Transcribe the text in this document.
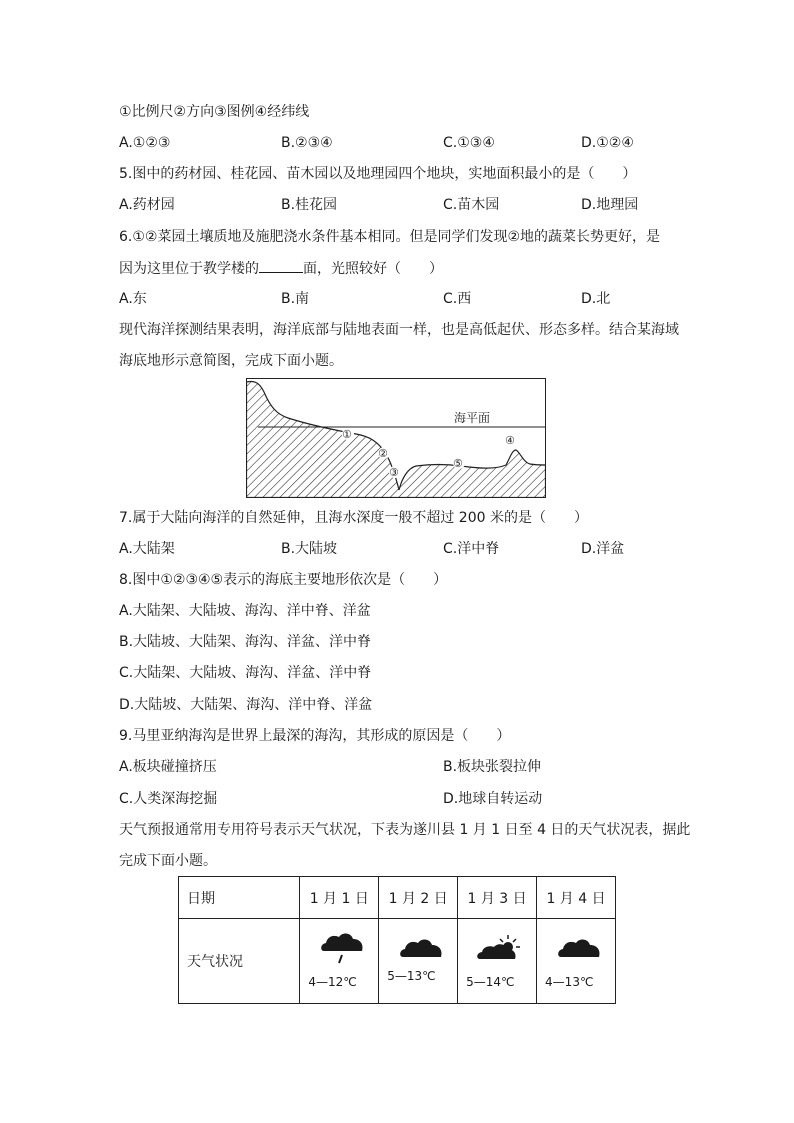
①比例尺②方向③图例④经纬线
A.①②③	B.②③④	C.①③④	D.①②④
5.图中的药材园、桂花园、苗木园以及地理园四个地块，实地面积最小的是（　　）
A.药材园	B.桂花园	C.苗木园	D.地理园
6.①②菜园土壤质地及施肥浇水条件基本相同。但是同学们发现②地的蔬菜长势更好，是
因为这里位于教学楼的	面，光照较好（　　）
A.东	B.南	C.西	D.北
现代海洋探测结果表明，海洋底部与陆地表面一样，也是高低起伏、形态多样。结合某海域
海底地形示意简图，完成下面小题。
海平面
①
②
③
④
⑤
7.属于大陆向海洋的自然延伸，且海水深度一般不超过 200 米的是（　　）
A.大陆架	B.大陆坡	C.洋中脊	D.洋盆
8.图中①②③④⑤表示的海底主要地形依次是（　　）
A.大陆架、大陆坡、海沟、洋中脊、洋盆
B.大陆坡、大陆架、海沟、洋盆、洋中脊
C.大陆架、大陆坡、海沟、洋盆、洋中脊
D.大陆坡、大陆架、海沟、洋中脊、洋盆
9.马里亚纳海沟是世界上最深的海沟，其形成的原因是（　　）
A.板块碰撞挤压	B.板块张裂拉伸
C.人类深海挖掘	D.地球自转运动
天气预报通常用专用符号表示天气状况，下表为遂川县 1 月 1 日至 4 日的天气状况表，据此
完成下面小题。
日期	1 月 1 日	1 月 2 日	1 月 3 日	1 月 4 日
天气状况	4—12℃	5—13℃	5—14℃	4—13℃
